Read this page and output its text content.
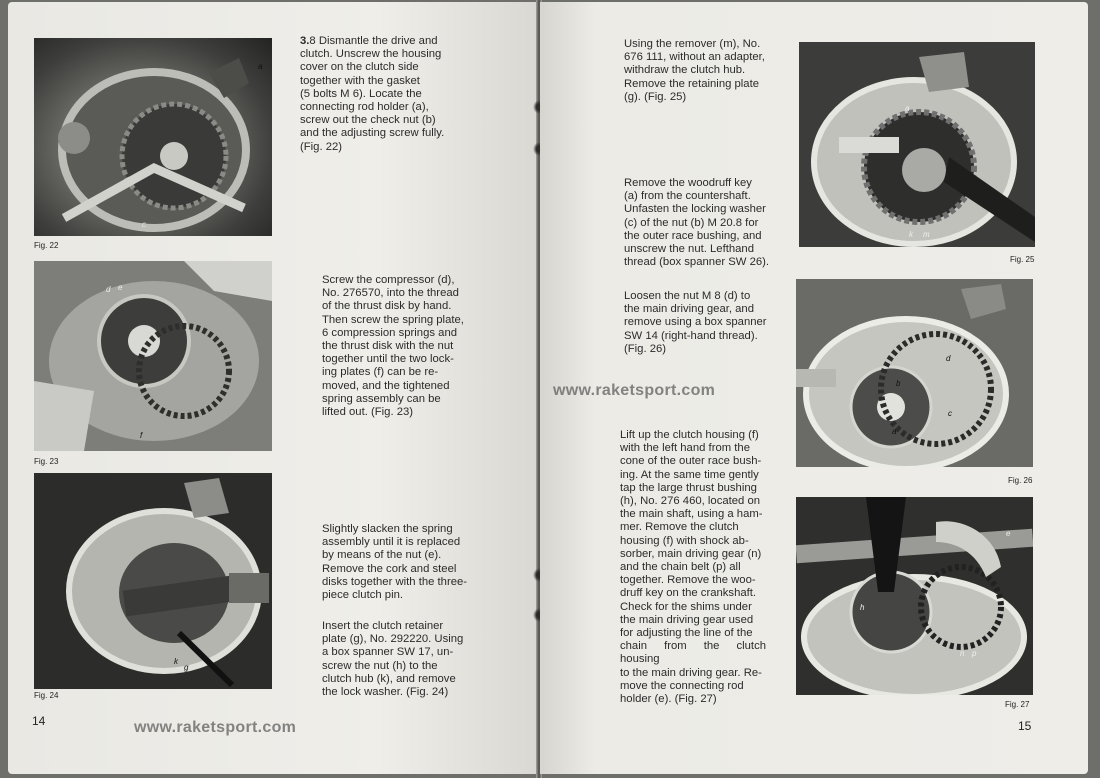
a
c
Fig. 22
d e
f
Fig. 23
k
g
Fig. 24
3.8 Dismantle the drive and
clutch. Unscrew the housing
cover on the clutch side
together with the gasket
(5 bolts M 6). Locate the
connecting rod holder (a),
screw out the check nut (b)
and the adjusting screw fully.
(Fig. 22)
Screw the compressor (d),
No. 276570, into the thread
of the thrust disk by hand.
Then screw the spring plate,
6 compression springs and
the thrust disk with the nut
together until the two lock-
ing plates (f) can be re-
moved, and the tightened
spring assembly can be
lifted out. (Fig. 23)
Slightly slacken the spring
assembly until it is replaced
by means of the nut (e).
Remove the cork and steel
disks together with the three-
piece clutch pin.
Insert the clutch retainer
plate (g), No. 292220. Using
a box spanner SW 17, un-
screw the nut (h) to the
clutch hub (k), and remove
the lock washer. (Fig. 24)
14	www.raketsport.com
Using the remover (m), No.
676 111, without an adapter,
withdraw the clutch hub.
Remove the retaining plate
(g). (Fig. 25)
Remove the woodruff key
(a) from the countershaft.
Unfasten the locking washer
(c) of the nut (b) M 20.8 for
the outer race bushing, and
unscrew the nut. Lefthand
thread (box spanner SW 26).
Loosen the nut M 8 (d) to
the main driving gear, and
remove using a box spanner
SW 14 (right-hand thread).
(Fig. 26)
www.raketsport.com
Lift up the clutch housing (f)
with the left hand from the
cone of the outer race bush-
ing. At the same time gently
tap the large thrust bushing
(h), No. 276 460, located on
the main shaft, using a ham-
mer. Remove the clutch
housing (f) with shock ab-
sorber, main driving gear (n)
and the chain belt (p) all
together. Remove the woo-
druff key on the crankshaft.
Check for the shims under
the main driving gear used
for adjusting the line of the
chain from the clutch housing
to the main driving gear. Re-
move the connecting rod
holder (e). (Fig. 27)
a
k m
Fig. 25
d
b
c
a
Fig. 26
h
p
n
e
Fig. 27
15
